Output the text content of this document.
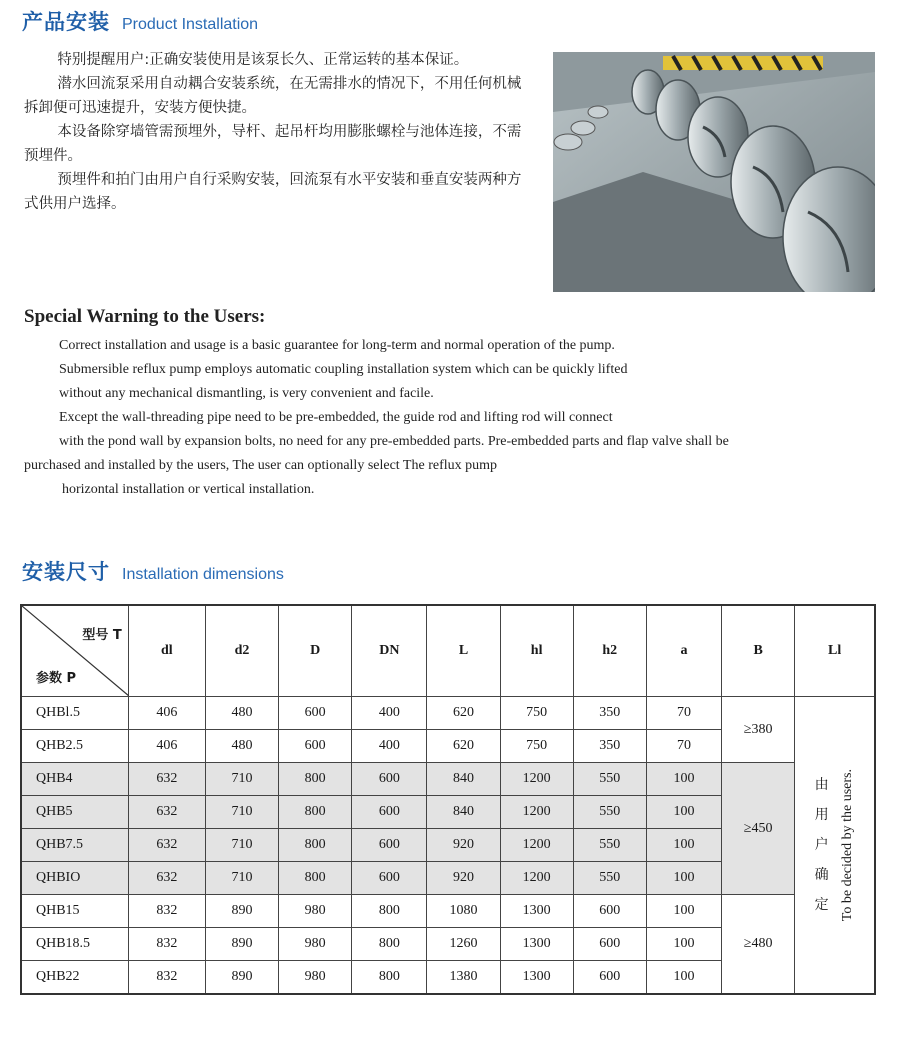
产品安装 Product Installation

特别提醒用户:正确安装使用是该泵长久、正常运转的基本保证。

潜水回流泵采用自动耦合安装系统，在无需排水的情况下，不用任何机械拆卸便可迅速提升，安装方便快捷。

本设备除穿墙管需预埋外，导杆、起吊杆均用膨胀螺栓与池体连接，不需预埋件。

预埋件和拍门由用户自行采购安装，回流泵有水平安装和垂直安装两种方式供用户选择。

Special Warning to the Users:
Correct installation and usage is a basic guarantee for long-term and normal operation of the pump.
Submersible reflux pump employs automatic coupling installation system which can be quickly lifted
without any mechanical dismantling, is very convenient and facile.
Except the wall-threading pipe need to be pre-embedded, the guide rod and lifting rod will connect
with the pond wall by expansion bolts, no need for any pre-embedded parts. Pre-embedded parts and flap valve shall be
purchased and installed by the users, The user can optionally select The reflux pump
horizontal installation or vertical installation.
安装尺寸 Installation dimensions
型号 T
参数 P	dl	d2	D	DN	L	hl	h2	a	B	Ll
QHBl.5	406	480	600	400	620	750	350	70	≥380	由用户确定 To be decided by the users.

QHB2.5	406	480	600	400	620	750	350	70		
QHB4	632	710	800	600	840	1200	550	100	≥450	
QHB5	632	710	800	600	840	1200	550	100		
QHB7.5	632	710	800	600	920	1200	550	100		
QHBIO	632	710	800	600	920	1200	550	100		
QHB15	832	890	980	800	1080	1300	600	100	≥480	
QHB18.5	832	890	980	800	1260	1300	600	100		
QHB22	832	890	980	800	1380	1300	600	100		
